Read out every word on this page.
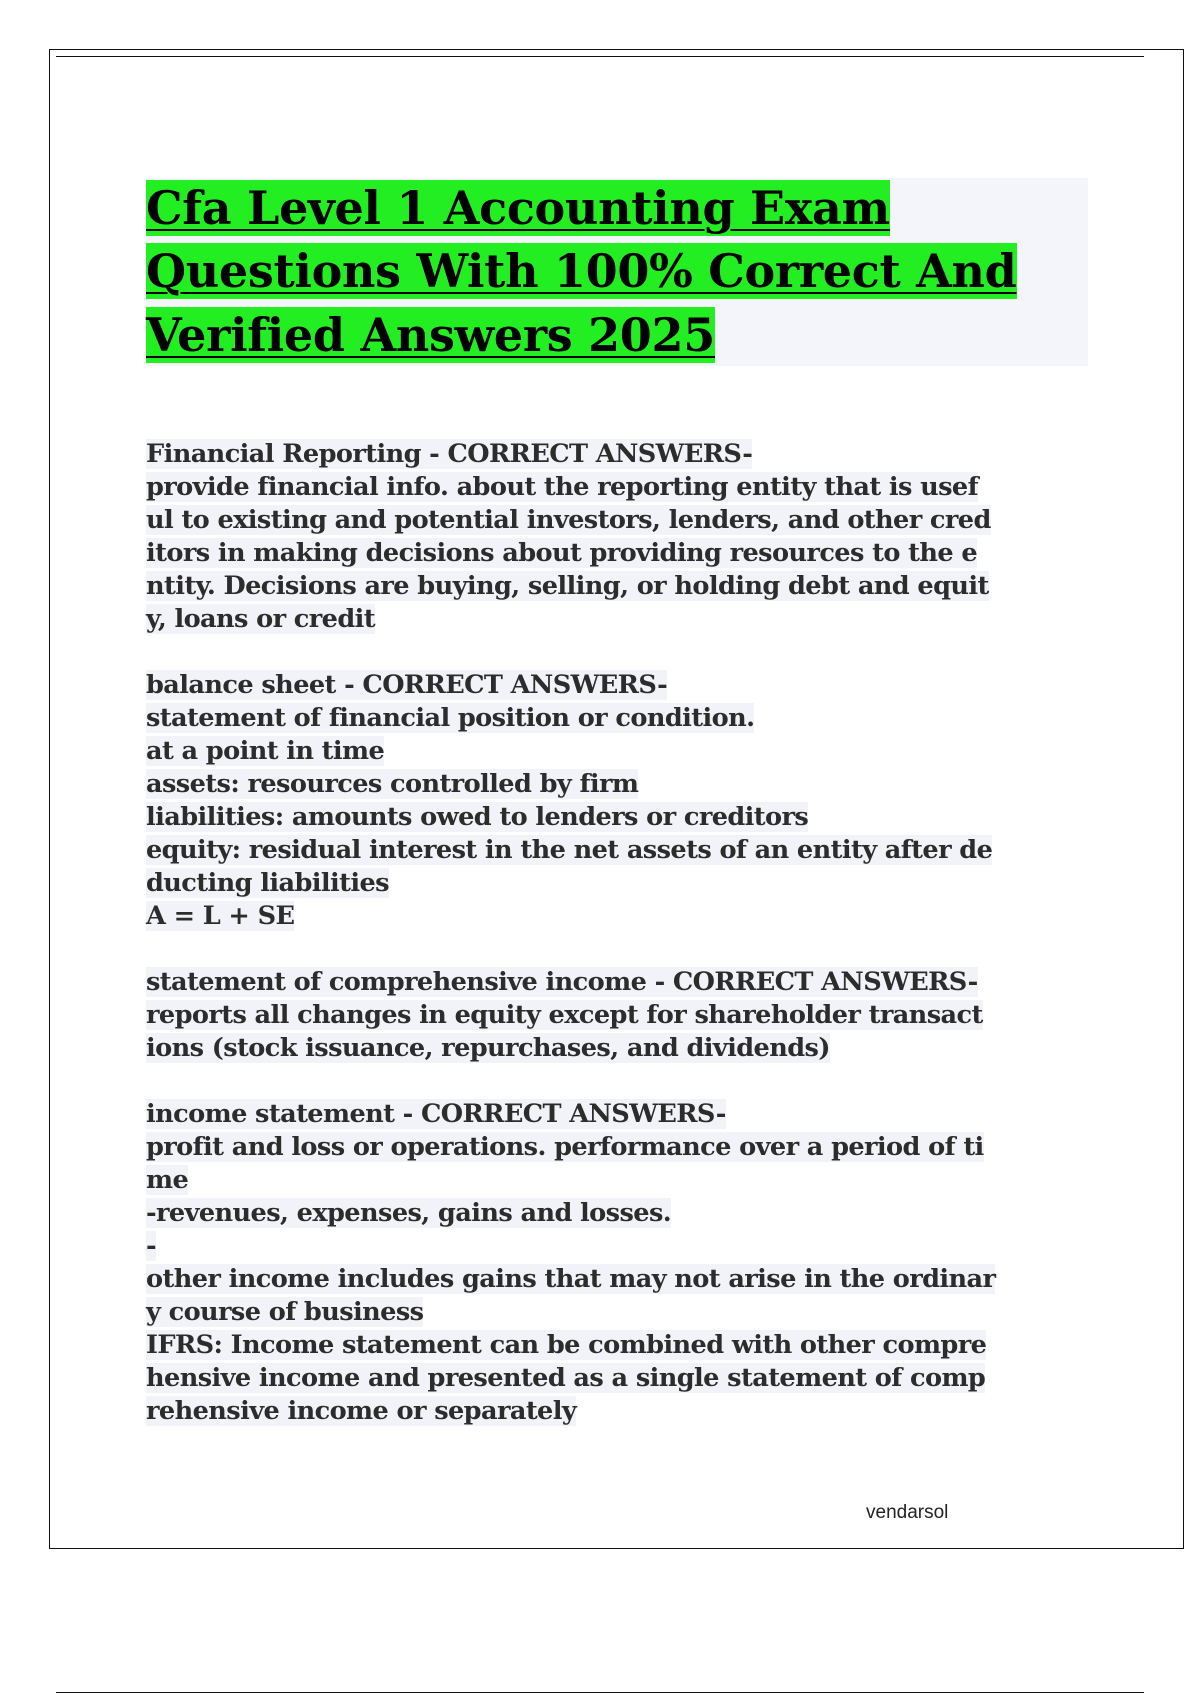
Cfa Level 1 Accounting Exam
Questions With 100% Correct And
Verified Answers 2025
Financial Reporting - CORRECT ANSWERS-
provide financial info. about the reporting entity that is usef
ul to existing and potential investors, lenders, and other cred
itors in making decisions about providing resources to the e
ntity. Decisions are buying, selling, or holding debt and equit
y, loans or credit
balance sheet - CORRECT ANSWERS-
statement of financial position or condition.
at a point in time
assets: resources controlled by firm
liabilities: amounts owed to lenders or creditors
equity: residual interest in the net assets of an entity after de
ducting liabilities
A = L + SE
statement of comprehensive income - CORRECT ANSWERS-
reports all changes in equity except for shareholder transact
ions (stock issuance, repurchases, and dividends)
income statement - CORRECT ANSWERS-
profit and loss or operations. performance over a period of ti
me
-revenues, expenses, gains and losses.
-
other income includes gains that may not arise in the ordinar
y course of business
IFRS: Income statement can be combined with other compre
hensive income and presented as a single statement of comp
rehensive income or separately
vendarsol
